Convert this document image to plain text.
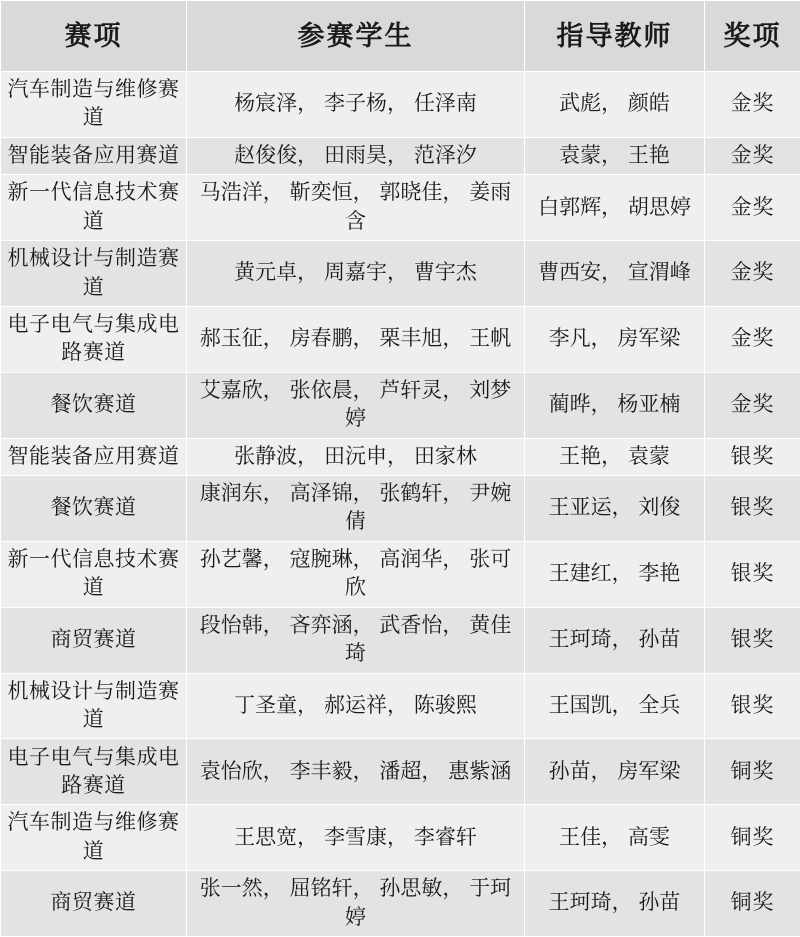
赛项	参赛学生	指导教师	奖项
汽车制造与维修赛道	杨宸泽， 李子杨， 任泽南	武彪， 颜皓	金奖
智能装备应用赛道	赵俊俊， 田雨昊， 范泽汐	袁蒙， 王艳	金奖
新一代信息技术赛道	马浩洋， 靳奕恒， 郭晓佳， 姜雨含	白郭辉， 胡思婷	金奖
机械设计与制造赛道	黄元卓， 周嘉宇， 曹宇杰	曹西安， 宣渭峰	金奖
电子电气与集成电路赛道	郝玉征， 房春鹏， 栗丰旭， 王帆	李凡， 房军梁	金奖
餐饮赛道	艾嘉欣， 张依晨， 芦轩灵， 刘梦婷	蔺晔， 杨亚楠	金奖
智能装备应用赛道	张静波， 田沅申， 田家林	王艳， 袁蒙	银奖
餐饮赛道	康润东， 高泽锦， 张鹤轩， 尹婉倩	王亚运， 刘俊	银奖
新一代信息技术赛道	孙艺馨， 寇腕琳， 高润华， 张可欣	王建红， 李艳	银奖
商贸赛道	段怡韩， 吝弈涵， 武香怡， 黄佳琦	王珂琦， 孙苗	银奖
机械设计与制造赛道	丁圣童， 郝运祥， 陈骏熙	王国凯， 全兵	银奖
电子电气与集成电路赛道	袁怡欣， 李丰毅， 潘超， 惠紫涵	孙苗， 房军梁	铜奖
汽车制造与维修赛道	王思宽， 李雪康， 李睿轩	王佳， 高雯	铜奖
商贸赛道	张一然， 屈铭轩， 孙思敏， 于珂婷	王珂琦， 孙苗	铜奖
